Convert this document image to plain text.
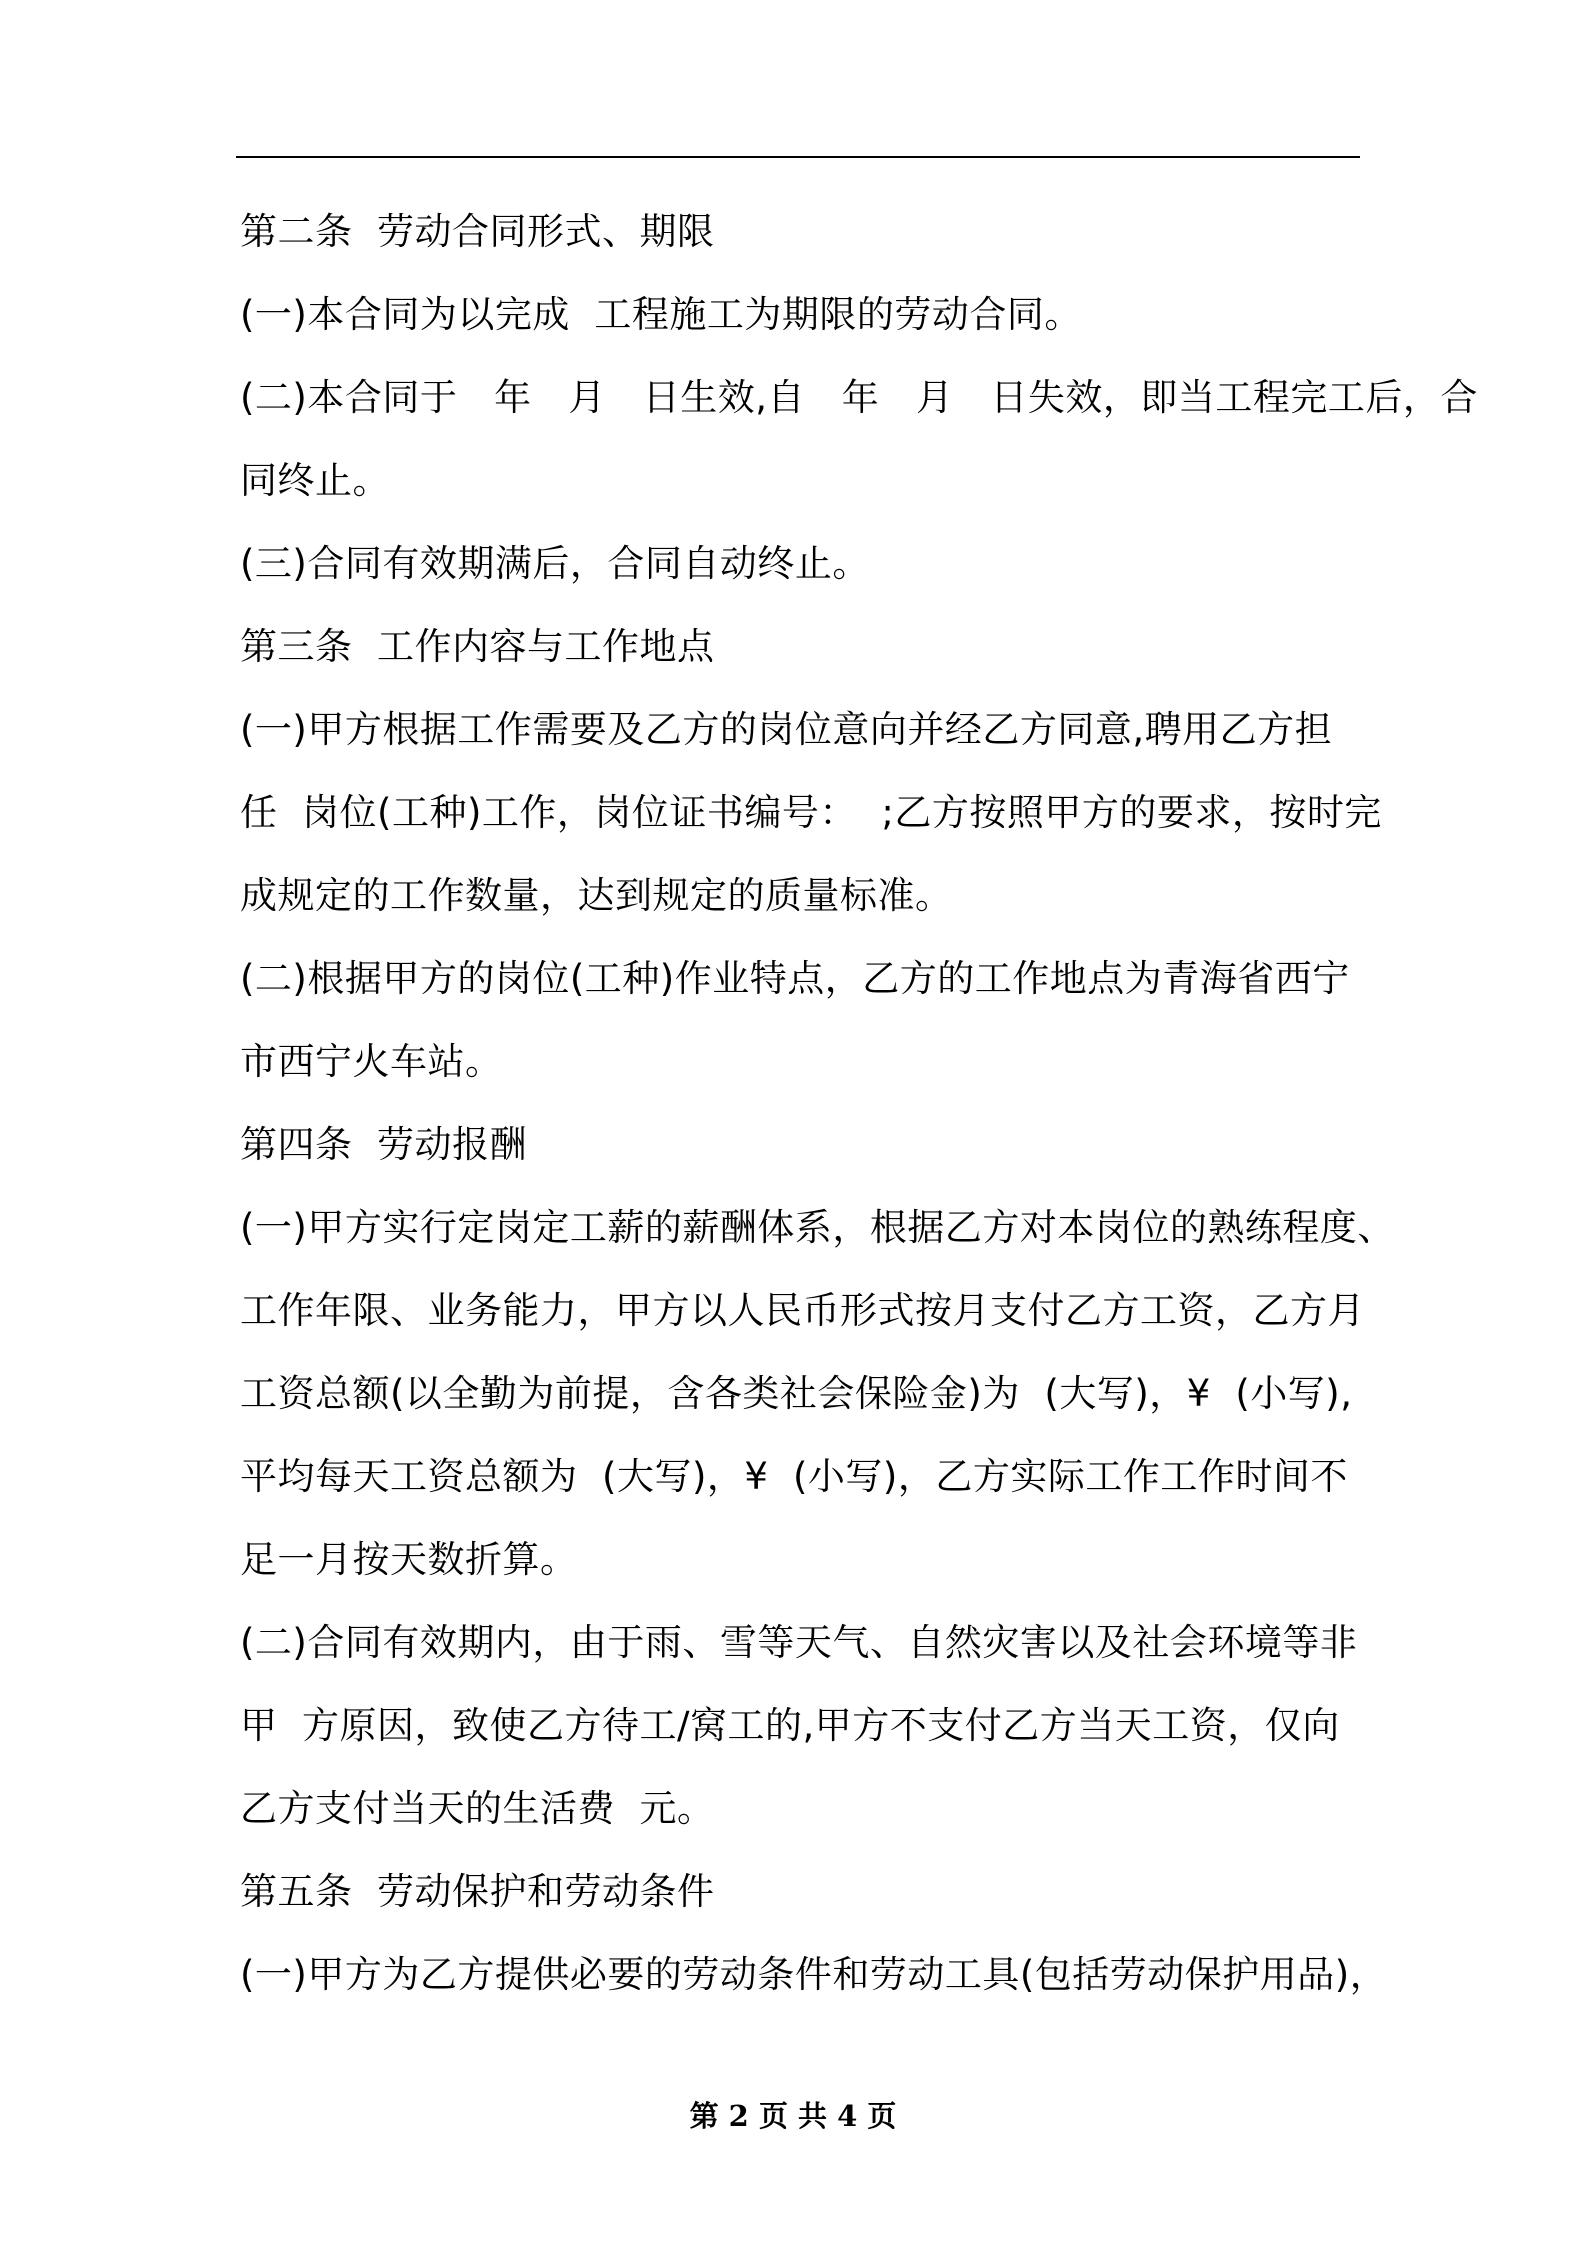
第二条  劳动合同形式、期限
(一)本合同为以完成  工程施工为期限的劳动合同。
(二)本合同于   年   月   日生效,自   年   月   日失效，即当工程完工后，合
同终止。
(三)合同有效期满后，合同自动终止。
第三条  工作内容与工作地点
(一)甲方根据工作需要及乙方的岗位意向并经乙方同意,聘用乙方担
任  岗位(工种)工作，岗位证书编号：  ;乙方按照甲方的要求，按时完
成规定的工作数量，达到规定的质量标准。
(二)根据甲方的岗位(工种)作业特点，乙方的工作地点为青海省西宁
市西宁火车站。
第四条  劳动报酬
(一)甲方实行定岗定工薪的薪酬体系，根据乙方对本岗位的熟练程度、
工作年限、业务能力，甲方以人民币形式按月支付乙方工资，乙方月
工资总额(以全勤为前提，含各类社会保险金)为  (大写)，¥  (小写),
平均每天工资总额为  (大写)，¥  (小写)，乙方实际工作工作时间不
足一月按天数折算。
(二)合同有效期内，由于雨、雪等天气、自然灾害以及社会环境等非
甲  方原因，致使乙方待工/窝工的,甲方不支付乙方当天工资，仅向
乙方支付当天的生活费  元。
第五条  劳动保护和劳动条件
(一)甲方为乙方提供必要的劳动条件和劳动工具(包括劳动保护用品)，
第 2 页 共 4 页
